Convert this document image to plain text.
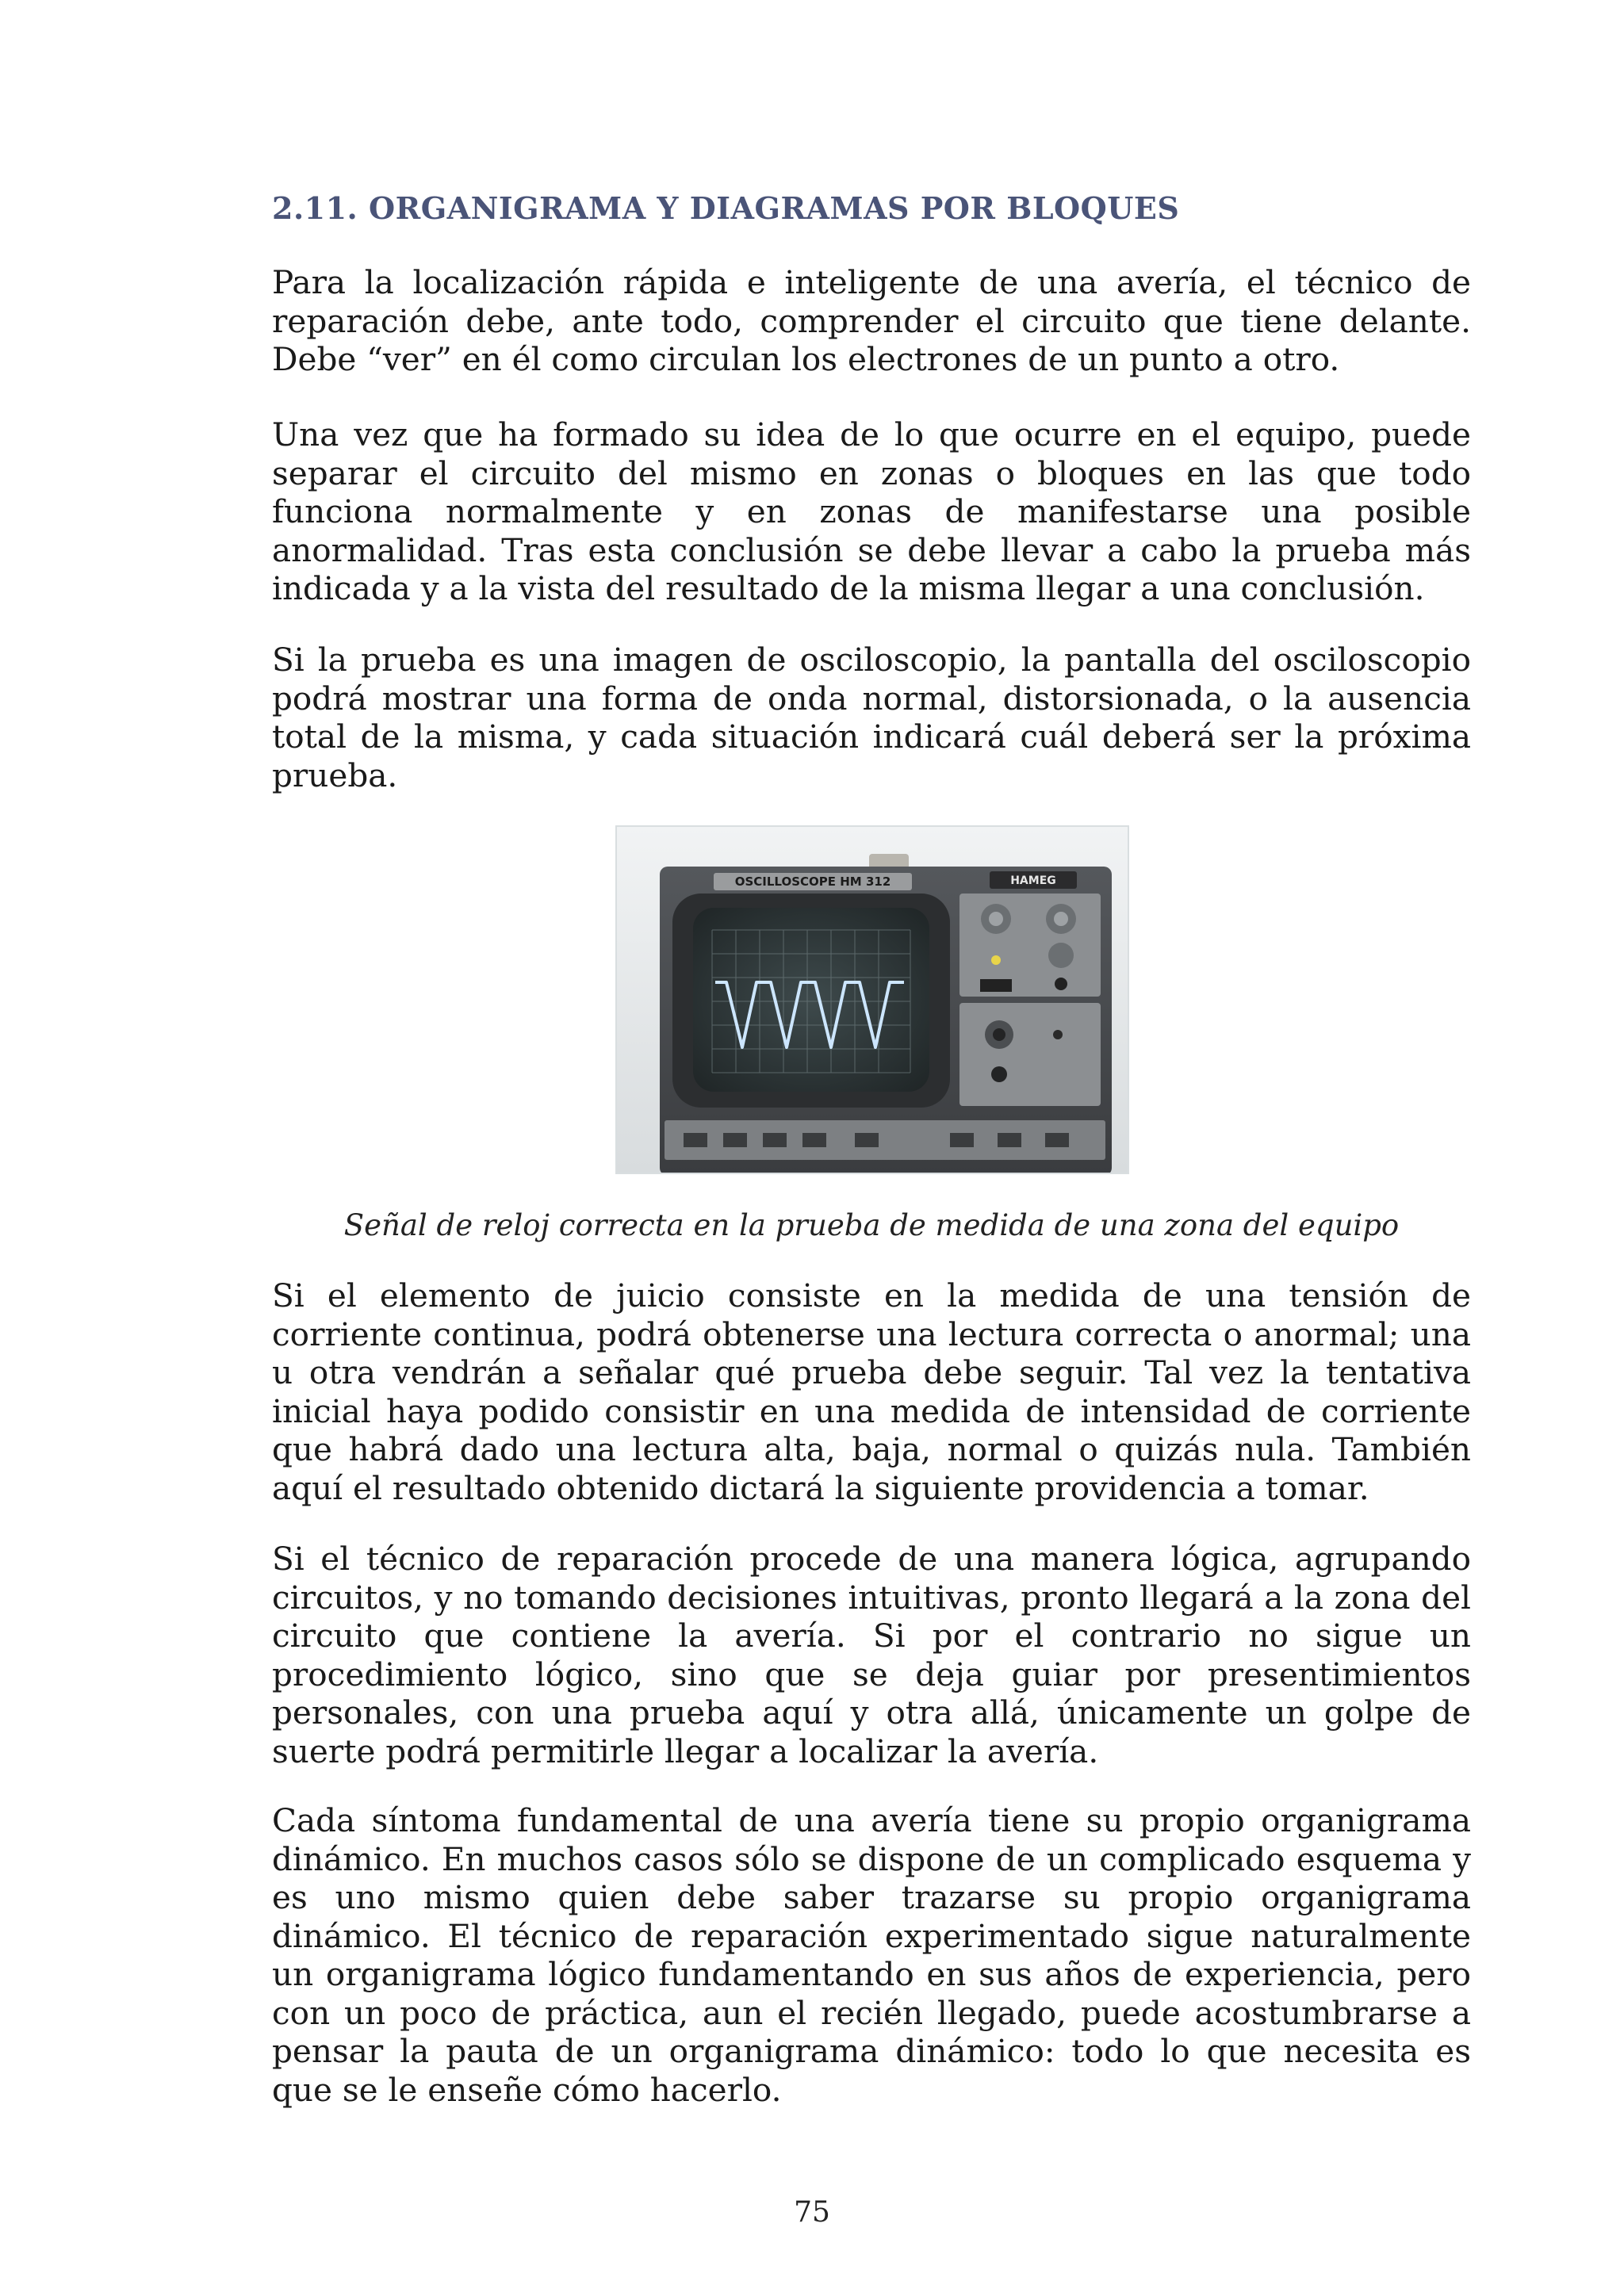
2.11. ORGANIGRAMA Y DIAGRAMAS POR BLOQUES

Para la localización rápida e inteligente de una avería, el técnico de reparación debe, ante todo, comprender el circuito que tiene delante. Debe “ver” en él como circulan los electrones de un punto a otro.

Una vez que ha formado su idea de lo que ocurre en el equipo, puede separar el circuito del mismo en zonas o bloques en las que todo funciona normalmente y en zonas de manifestarse una posible anormalidad. Tras esta conclusión se debe llevar a cabo la prueba más indicada y a la vista del resultado de la misma llegar a una conclusión.

Si la prueba es una imagen de osciloscopio, la pantalla del osciloscopio podrá mostrar una forma de onda normal, distorsionada, o la ausencia total de la misma, y cada situación indicará cuál deberá ser la próxima prueba.

OSCILLOSCOPE HM 312	HAMEG
Señal de reloj correcta en la prueba de medida de una zona del equipo

Si el elemento de juicio consiste en la medida de una tensión de corriente continua, podrá obtenerse una lectura correcta o anormal; una u otra vendrán a señalar qué prueba debe seguir. Tal vez la tentativa inicial haya podido consistir en una medida de intensidad de corriente que habrá dado una lectura alta, baja, normal o quizás nula. También aquí el resultado obtenido dictará la siguiente providencia a tomar.

Si el técnico de reparación procede de una manera lógica, agrupando circuitos, y no tomando decisiones intuitivas, pronto llegará a la zona del circuito que contiene la avería. Si por el contrario no sigue un procedimiento lógico, sino que se deja guiar por presentimientos personales, con una prueba aquí y otra allá, únicamente un golpe de suerte podrá permitirle llegar a localizar la avería.

Cada síntoma fundamental de una avería tiene su propio organigrama dinámico. En muchos casos sólo se dispone de un complicado esquema y es uno mismo quien debe saber trazarse su propio organigrama dinámico. El técnico de reparación experimentado sigue naturalmente un organigrama lógico fundamentando en sus años de experiencia, pero con un poco de práctica, aun el recién llegado, puede acostumbrarse a pensar la pauta de un organigrama dinámico: todo lo que necesita es que se le enseñe cómo hacerlo.

75
